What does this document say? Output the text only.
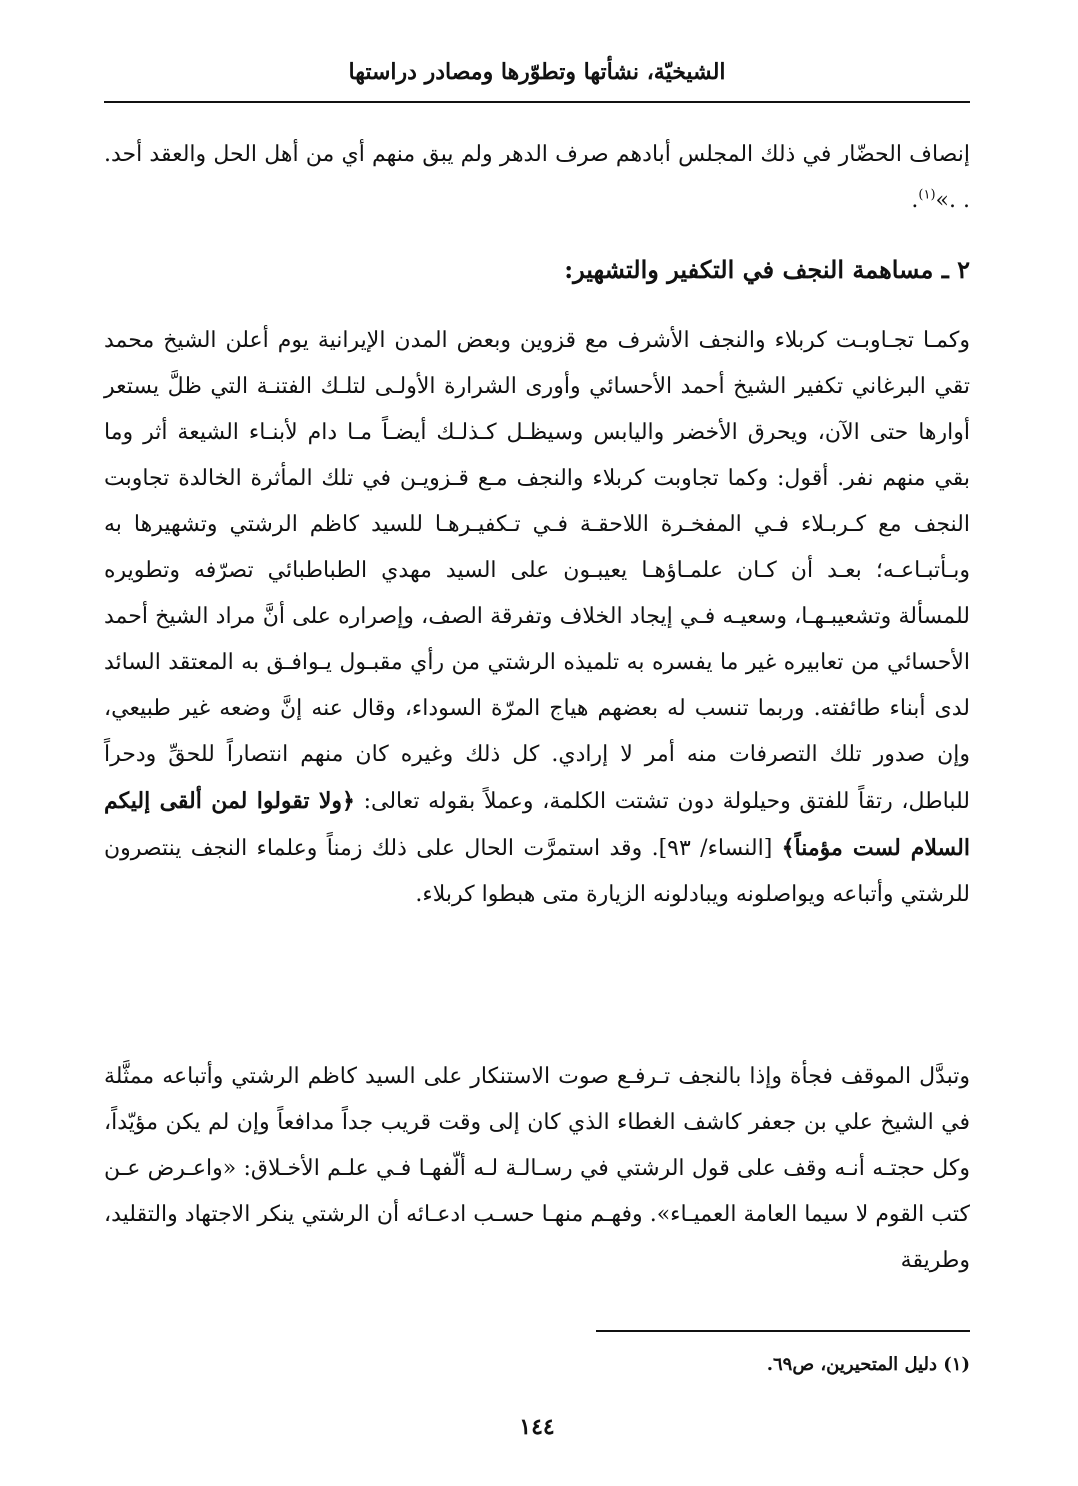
الشيخيّة، نشأتها وتطوّرها ومصادر دراستها
إنصاف الحضّار في ذلك المجلس أبادهم صرف الدهر ولم يبق منهم أي من أهل الحل والعقد أحد. . .»$^{(١)}$.
٢ ـ مساهمة النجف في التكفير والتشهير:
وكمـا تجـاوبـت كربلاء والنجف الأشرف مع قزوين وبعض المدن الإيرانية يوم أعلن الشيخ محمد تقي البرغاني تكفير الشيخ أحمد الأحسائي وأورى الشرارة الأولـى لتلـك الفتنـة التي ظلَّ يستعر أوارها حتى الآن، ويحرق الأخضر واليابس وسيظـل كـذلـك أيضـاً مـا دام لأبنـاء الشيعة أثر وما بقي منهم نفر. أقول: وكما تجاوبت كربلاء والنجف مـع قـزويـن في تلك المأثرة الخالدة تجاوبت النجف مع كـربـلاء فـي المفخـرة اللاحقـة فـي تـكفيـرهـا للسيد كاظم الرشتي وتشهيرها به وبـأتبـاعـه؛ بعـد أن كـان علمـاؤهـا يعيبـون على السيد مهدي الطباطبائي تصرّفه وتطويره للمسألة وتشعيبـهـا، وسعيـه فـي إيجاد الخلاف وتفرقة الصف، وإصراره على أنَّ مراد الشيخ أحمد الأحسائي من تعابيره غير ما يفسره به تلميذه الرشتي من رأي مقبـول يـوافـق به المعتقد السائد لدى أبناء طائفته. وربما تنسب له بعضهم هياج المرّة السوداء، وقال عنه إنَّ وضعه غير طبيعي، وإن صدور تلك التصرفات منه أمر لا إرادي. كل ذلك وغيره كان منهم انتصاراً للحقِّ ودحراً للباطل، رتقاً للفتق وحيلولة دون تشتت الكلمة، وعملاً بقوله تعالى: ﴿ولا تقولوا لمن ألقى إليكم السلام لست مؤمناً﴾ [النساء/ ٩٣]. وقد استمرَّت الحال على ذلك زمناً وعلماء النجف ينتصرون للرشتي وأتباعه ويواصلونه ويبادلونه الزيارة متى هبطوا كربلاء.
وتبدَّل الموقف فجأة وإذا بالنجف تـرفـع صوت الاستنكار على السيد كاظم الرشتي وأتباعه ممثَّلة في الشيخ علي بن جعفر كاشف الغطاء الذي كان إلى وقت قريب جداً مدافعاً وإن لم يكن مؤيّداً، وكل حجتـه أنـه وقف على قول الرشتي في رسـالـة لـه ألّفهـا فـي علـم الأخـلاق: «واعـرض عـن كتب القوم لا سيما العامة العميـاء». وفهـم منهـا حسـب ادعـائه أن الرشتي ينكر الاجتهاد والتقليد، وطريقة
(١) دليل المتحيرين، ص٦٩.
١٤٤
